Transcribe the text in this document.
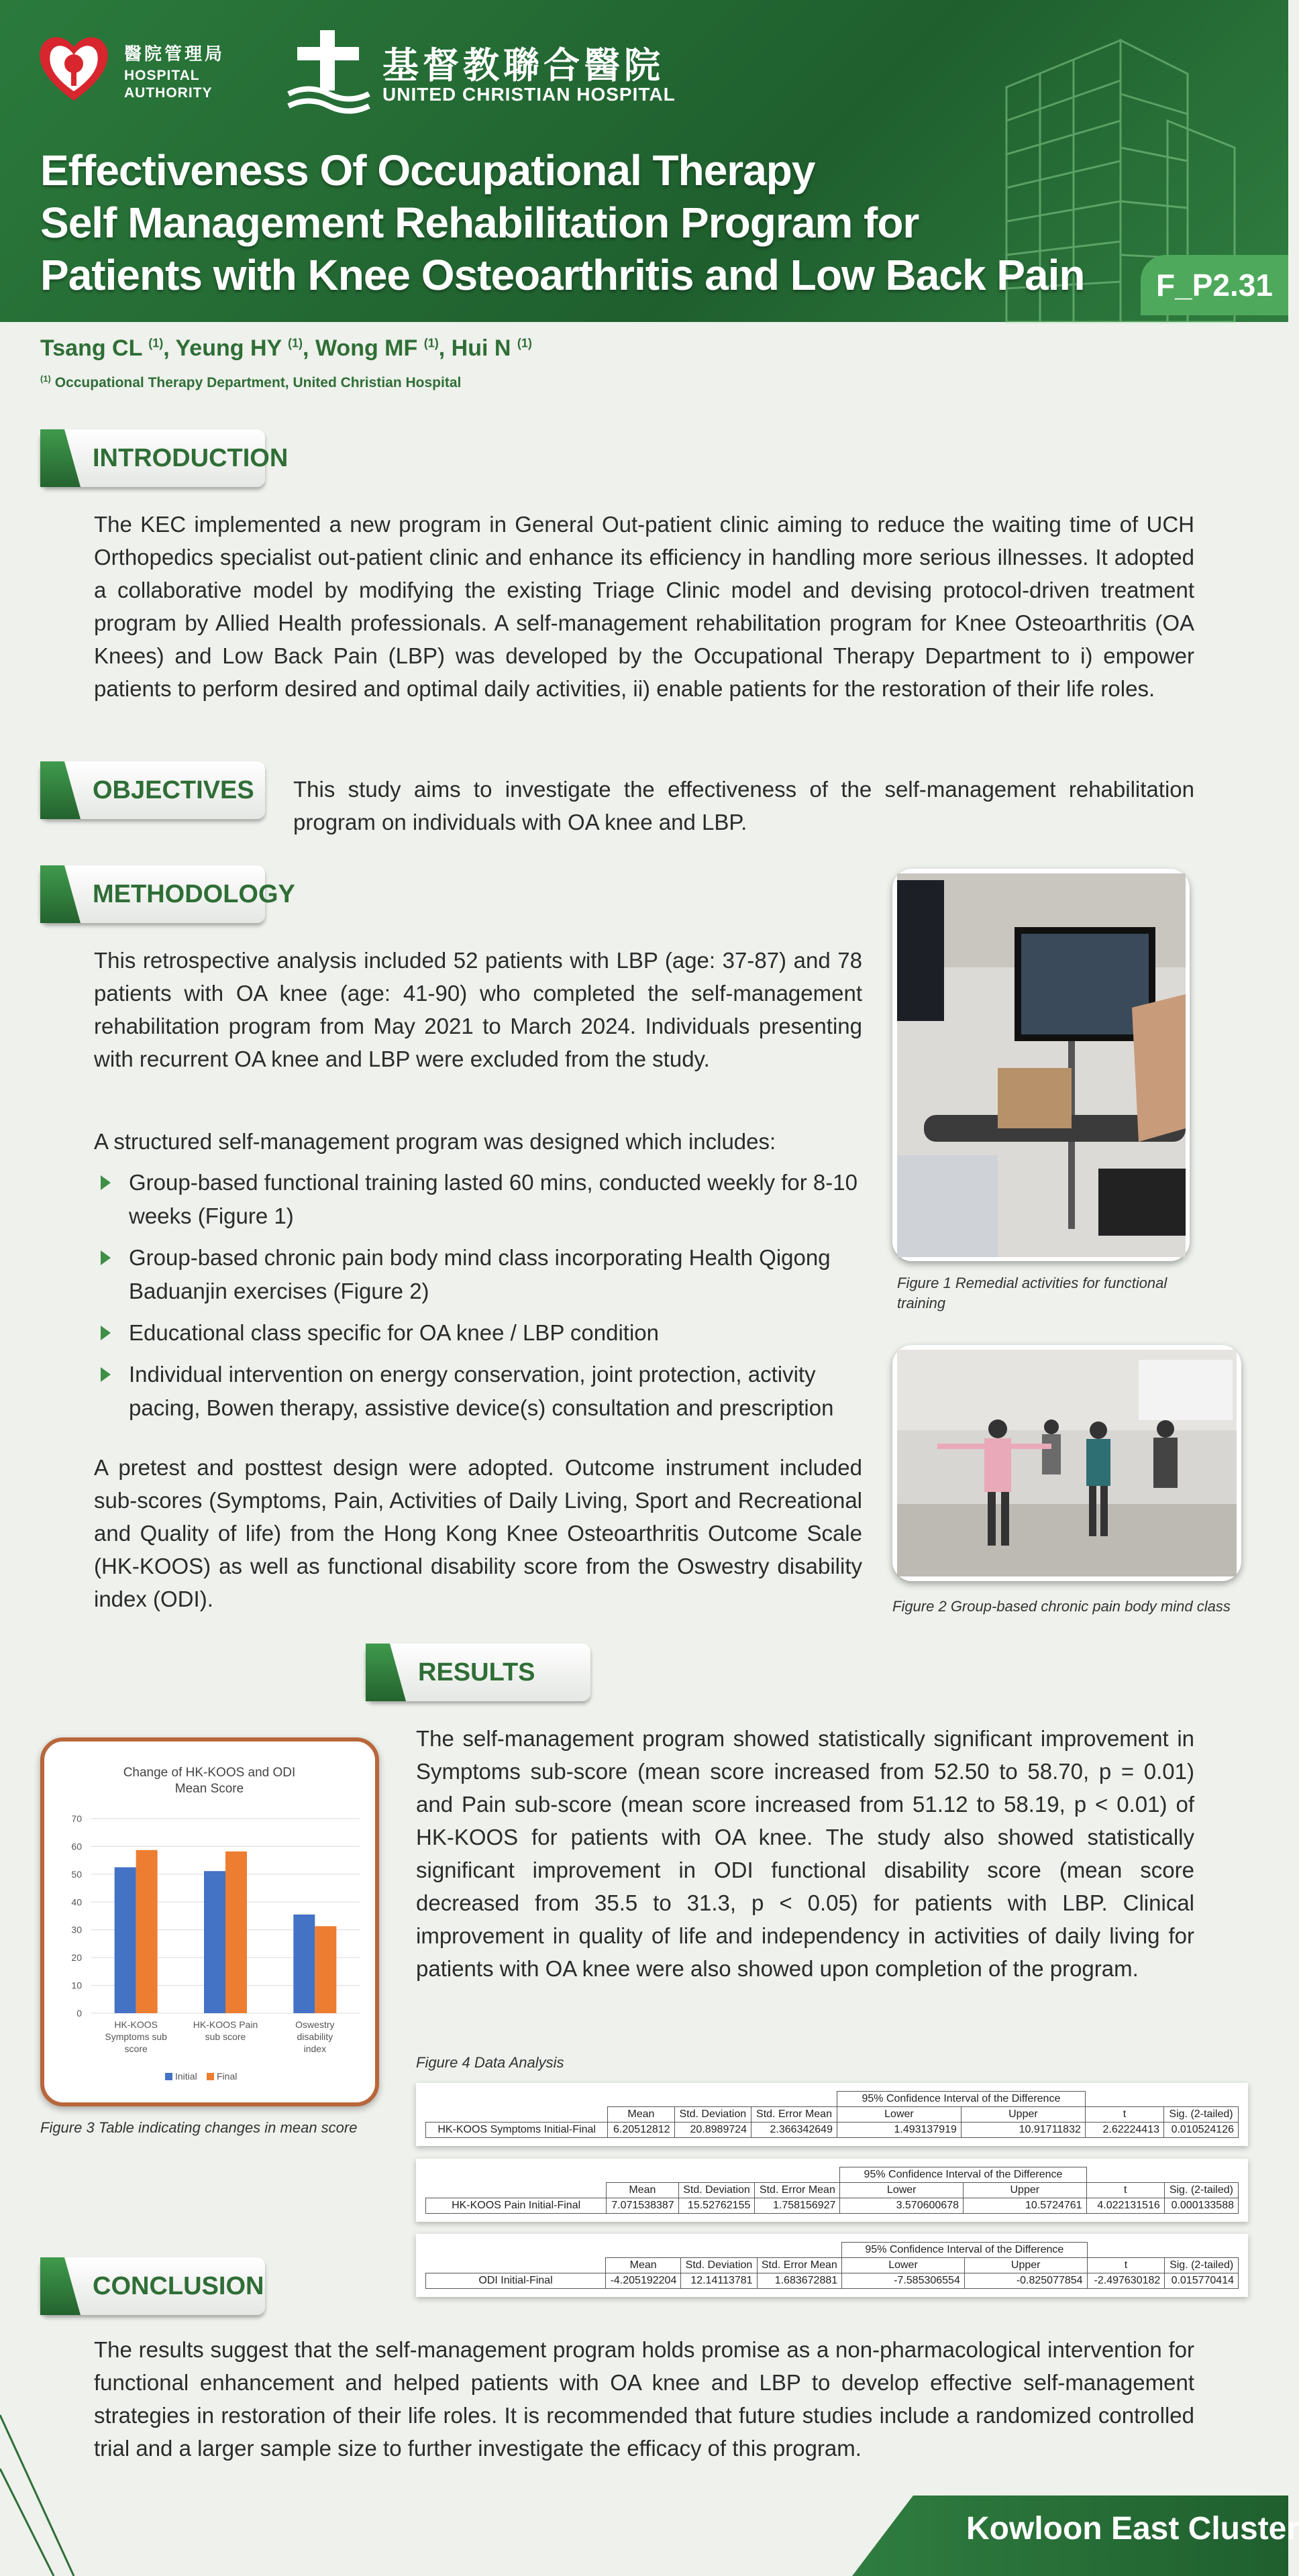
醫院管理局
HOSPITAL
AUTHORITY
基督教聯合醫院
UNITED CHRISTIAN HOSPITAL
Effectiveness Of Occupational Therapy
Self Management Rehabilitation Program for
Patients with Knee Osteoarthritis and Low Back Pain	F_P2.31
Tsang CL $^{(1)}$, Yeung HY $^{(1)}$, Wong MF $^{(1)}$, Hui N $^{(1)}$
$^{(1)}$ Occupational Therapy Department, United Christian Hospital
INTRODUCTION
The KEC implemented a new program in General Out-patient clinic aiming to reduce the waiting time of UCH Orthopedics specialist out-patient clinic and enhance its efficiency in handling more serious illnesses. It adopted a collaborative model by modifying the existing Triage Clinic model and devising protocol-driven treatment program by Allied Health professionals. A self-management rehabilitation program for Knee Osteoarthritis (OA Knees) and Low Back Pain (LBP) was developed by the Occupational Therapy Department to i) empower patients to perform desired and optimal daily activities, ii) enable patients for the restoration of their life roles.
OBJECTIVES	This study aims to investigate the effectiveness of the self-management rehabilitation program on individuals with OA knee and LBP.
METHODOLOGY
This retrospective analysis included 52 patients with LBP (age: 37-87) and 78 patients with OA knee (age: 41-90) who completed the self-management rehabilitation program from May 2021 to March 2024. Individuals presenting with recurrent OA knee and LBP were excluded from the study.
A structured self-management program was designed which includes:
Group-based functional training lasted 60 mins, conducted weekly for 8-10 weeks (Figure 1)
Group-based chronic pain body mind class incorporating Health Qigong Baduanjin exercises (Figure 2)
Educational class specific for OA knee / LBP condition
Individual intervention on energy conservation, joint protection, activity pacing, Bowen therapy, assistive device(s) consultation and prescription
A pretest and posttest design were adopted. Outcome instrument included sub-scores (Symptoms, Pain, Activities of Daily Living, Sport and Recreational and Quality of life) from the Hong Kong Knee Osteoarthritis Outcome Scale (HK-KOOS) as well as functional disability score from the Oswestry disability index (ODI).
Figure 1 Remedial activities for functional training
Figure 2 Group-based chronic pain body mind class
RESULTS
The self-management program showed statistically significant improvement in Symptoms sub-score (mean score increased from 52.50 to 58.70, p = 0.01) and Pain sub-score (mean score increased from 51.12 to 58.19, p < 0.01) of HK-KOOS for patients with OA knee. The study also showed statistically significant improvement in ODI functional disability score (mean score decreased from 35.5 to 31.3, p < 0.05) for patients with LBP. Clinical improvement in quality of life and independency in activities of daily living for patients with OA knee were also showed upon completion of the program.
Change of HK-KOOS and ODI Mean Score
0
10
20
30
40
50
60
70
HK-KOOS Symptoms sub score
HK-KOOS Pain sub score
Oswestry disability index
Initial Final
Figure 3 Table indicating changes in mean score
Figure 4 Data Analysis
				95% Confidence Interval of the Difference			
	Mean	Std. Deviation	Std. Error Mean	Lower	Upper	t	Sig. (2-tailed)
HK-KOOS Symptoms Initial-Final	6.20512812	20.8989724	2.366342649	1.493137919	10.91711832	2.62224413	0.010524126
				95% Confidence Interval of the Difference			
	Mean	Std. Deviation	Std. Error Mean	Lower	Upper	t	Sig. (2-tailed)
HK-KOOS Pain Initial-Final	7.071538387	15.52762155	1.758156927	3.570600678	10.5724761	4.022131516	0.000133588
				95% Confidence Interval of the Difference			
	Mean	Std. Deviation	Std. Error Mean	Lower	Upper	t	Sig. (2-tailed)
ODI Initial-Final	-4.205192204	12.14113781	1.683672881	-7.585306554	-0.825077854	-2.497630182	0.015770414
CONCLUSION
The results suggest that the self-management program holds promise as a non-pharmacological intervention for functional enhancement and helped patients with OA knee and LBP to develop effective self-management strategies in restoration of their life roles. It is recommended that future studies include a randomized controlled trial and a larger sample size to further investigate the efficacy of this program.
Kowloon East Cluster
